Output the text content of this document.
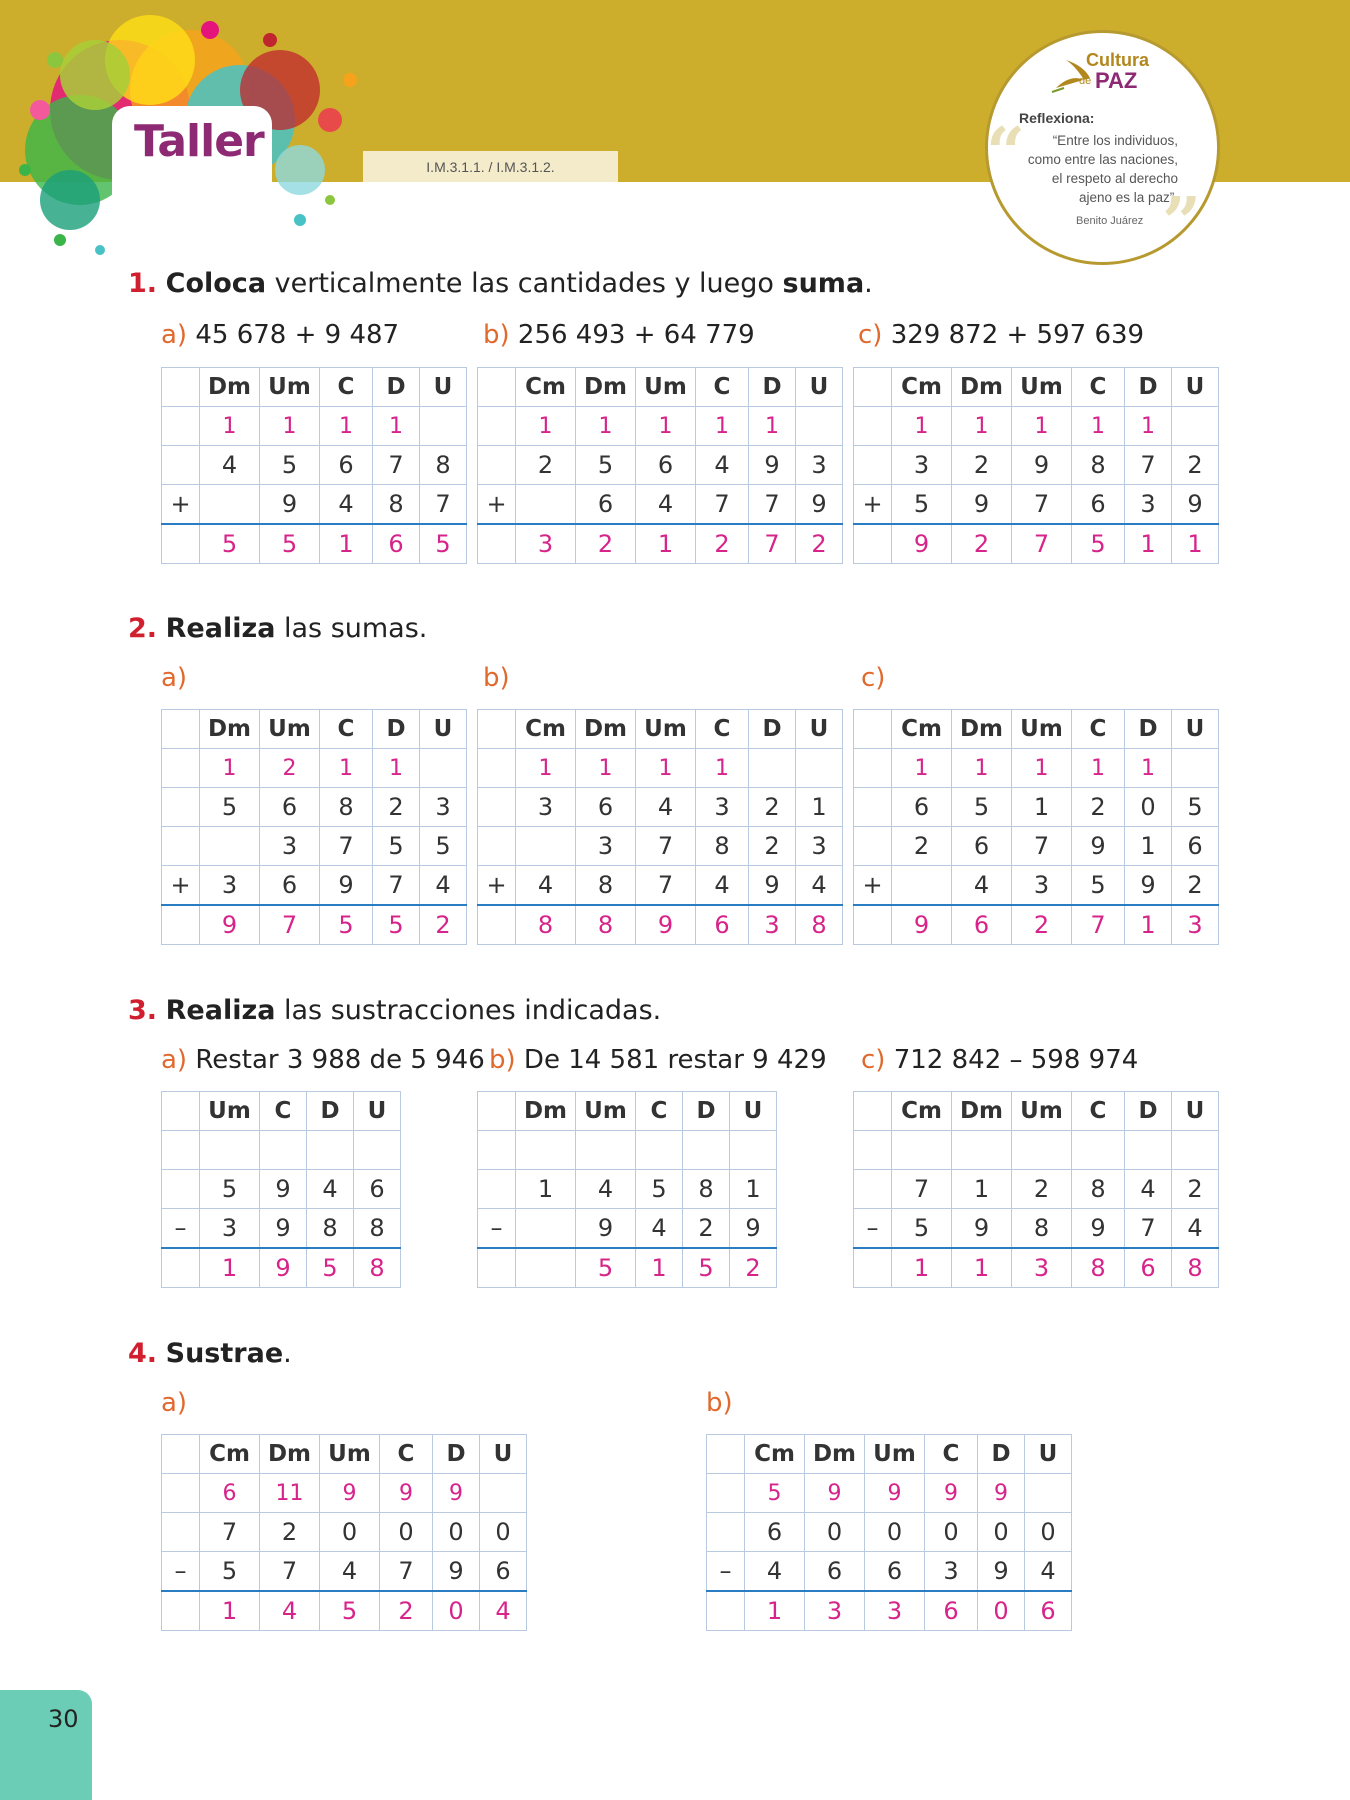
Taller	I.M.3.1.1. / I.M.3.1.2.
Cultura
de PAZ
“
Reflexiona:
“Entre los individuos, como entre las naciones, el respeto al derecho ajeno es la paz”.
Benito Juárez ”
1. Coloca verticalmente las cantidades y luego suma.
a) 45 678 + 9 487	b) 256 493 + 64 779	c) 329 872 + 597 639
	Dm	Um	C	D	U
	1	1	1	1	
	4	5	6	7	8
+		9	4	8	7
	5	5	1	6	5
	Cm	Dm	Um	C	D	U
	1	1	1	1	1	
	2	5	6	4	9	3
+		6	4	7	7	9
	3	2	1	2	7	2
	Cm	Dm	Um	C	D	U
	1	1	1	1	1	
	3	2	9	8	7	2
+	5	9	7	6	3	9
	9	2	7	5	1	1
2. Realiza las sumas.
a)	b)	c)
	Dm	Um	C	D	U
	1	2	1	1	
	5	6	8	2	3
		3	7	5	5
+	3	6	9	7	4
	9	7	5	5	2
	Cm	Dm	Um	C	D	U
	1	1	1	1		
	3	6	4	3	2	1
		3	7	8	2	3
+	4	8	7	4	9	4
	8	8	9	6	3	8
	Cm	Dm	Um	C	D	U
	1	1	1	1	1	
	6	5	1	2	0	5
	2	6	7	9	1	6
+		4	3	5	9	2
	9	6	2	7	1	3
3. Realiza las sustracciones indicadas.
a) Restar 3 988 de 5 946 b) De 14 581 restar 9 429 c) 712 842 – 598 974
	Um	C	D	U

	5	9	4	6
–	3	9	8	8
	1	9	5	8
	Dm	Um	C	D	U

	1	4	5	8	1
–		9	4	2	9
		5	1	5	2
	Cm	Dm	Um	C	D	U

	7	1	2	8	4	2
–	5	9	8	9	7	4
	1	1	3	8	6	8
4. Sustrae.
a)	b)
	Cm	Dm	Um	C	D	U
	6	11	9	9	9	
	7	2	0	0	0	0
–	5	7	4	7	9	6
	1	4	5	2	0	4
	Cm	Dm	Um	C	D	U
	5	9	9	9	9	
	6	0	0	0	0	0
–	4	6	6	3	9	4
	1	3	3	6	0	6
30
